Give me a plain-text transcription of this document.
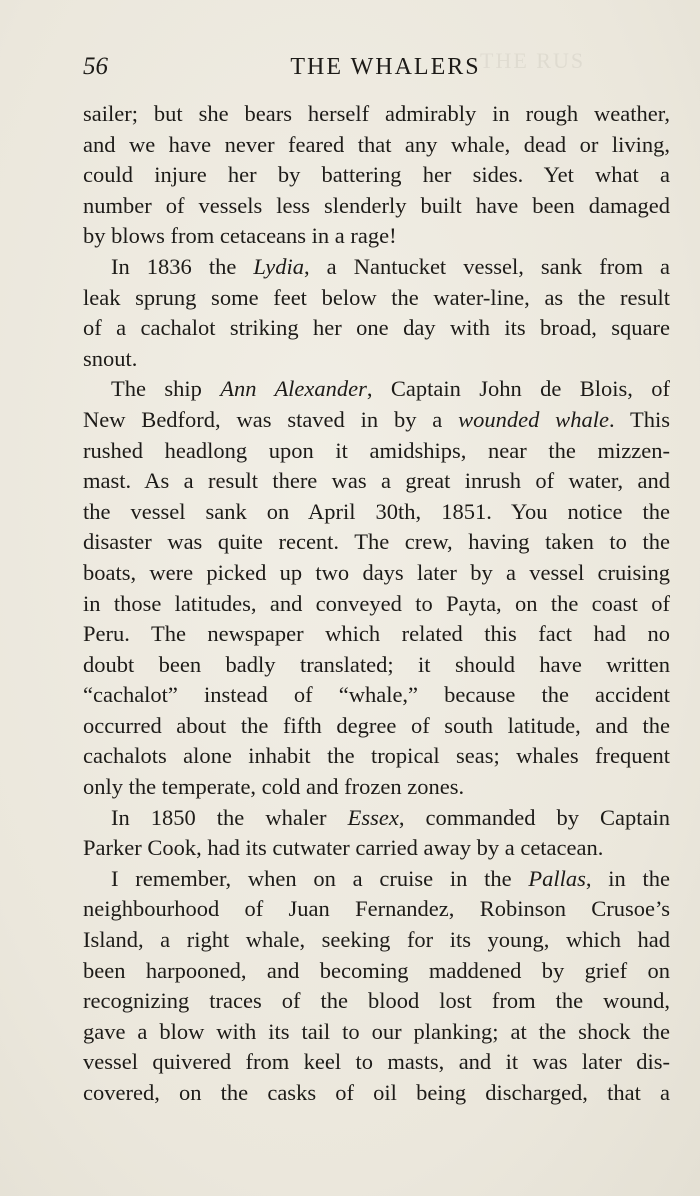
THE RUS
56	THE WHALERS
sailer; but she bears herself admirably in rough weather,
and we have never feared that any whale, dead or living,
could injure her by battering her sides. Yet what a
number of vessels less slenderly built have been damaged
by blows from cetaceans in a rage!
In 1836 the Lydia, a Nantucket vessel, sank from a
leak sprung some feet below the water-line, as the result
of a cachalot striking her one day with its broad, square
snout.
The ship Ann Alexander, Captain John de Blois, of
New Bedford, was staved in by a wounded whale. This
rushed headlong upon it amidships, near the mizzen-
mast. As a result there was a great inrush of water, and
the vessel sank on April 30th, 1851. You notice the
disaster was quite recent. The crew, having taken to the
boats, were picked up two days later by a vessel cruising
in those latitudes, and conveyed to Payta, on the coast of
Peru. The newspaper which related this fact had no
doubt been badly translated; it should have written
“cachalot” instead of “whale,” because the accident
occurred about the fifth degree of south latitude, and the
cachalots alone inhabit the tropical seas; whales frequent
only the temperate, cold and frozen zones.
In 1850 the whaler Essex, commanded by Captain
Parker Cook, had its cutwater carried away by a cetacean.
I remember, when on a cruise in the Pallas, in the
neighbourhood of Juan Fernandez, Robinson Crusoe’s
Island, a right whale, seeking for its young, which had
been harpooned, and becoming maddened by grief on
recognizing traces of the blood lost from the wound,
gave a blow with its tail to our planking; at the shock the
vessel quivered from keel to masts, and it was later dis-
covered, on the casks of oil being discharged, that a
